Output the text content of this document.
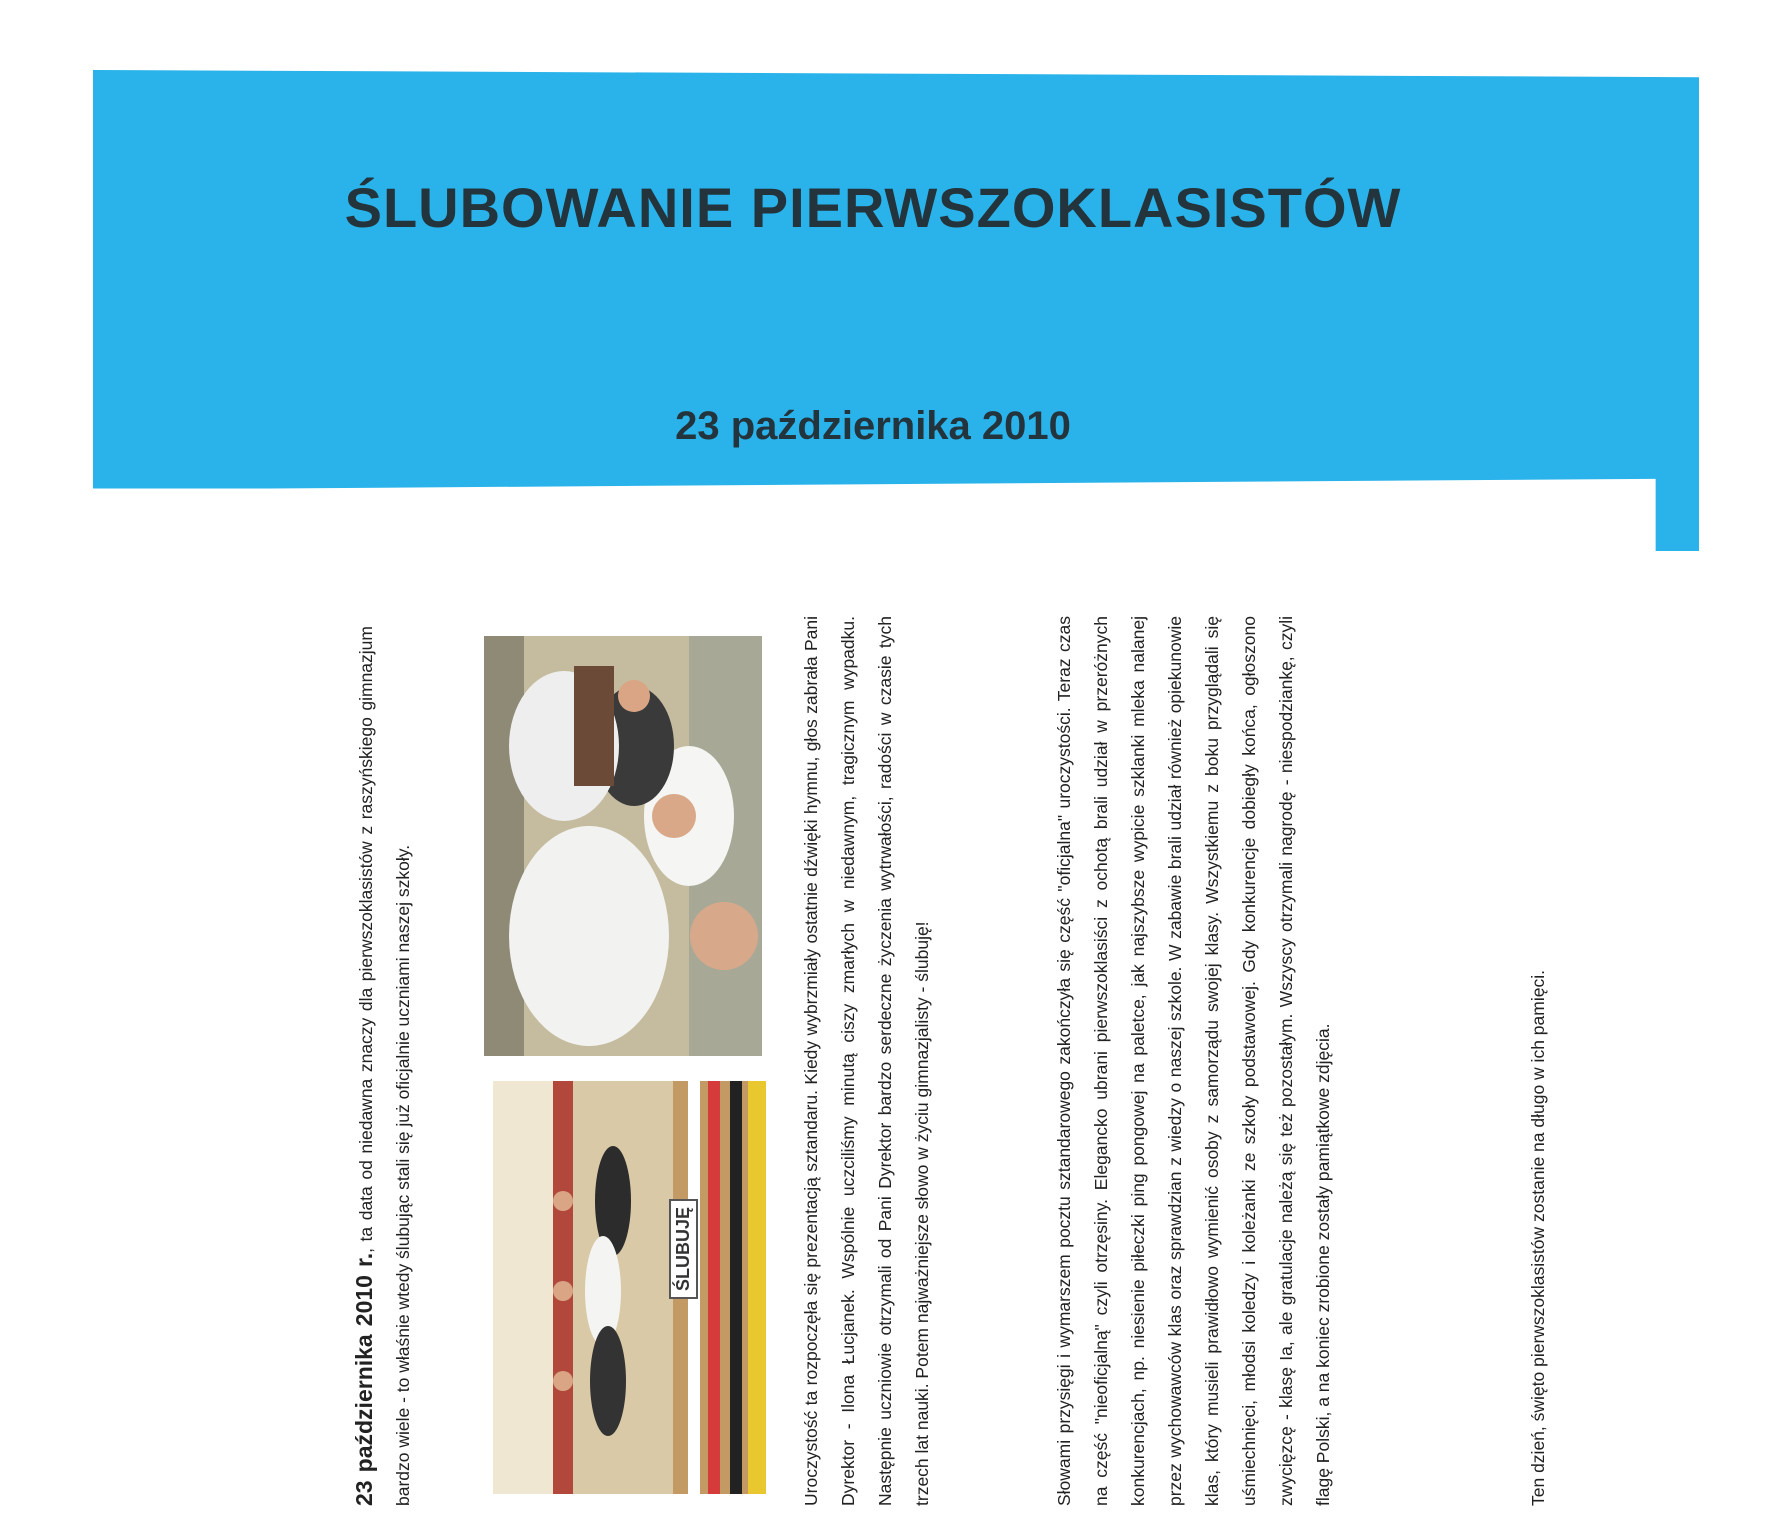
ŚLUBOWANIE PIERWSZOKLASISTÓW
23 października 2010

23 października 2010 r., ta data od niedawna znaczy dla pierwszoklasistów z raszyńskiego gimnazjum bardzo wiele - to właśnie wtedy ślubując stali się już oficjalnie uczniami naszej szkoły.	ŚLUBUJĘ	Uroczystość ta rozpoczęła się prezentacją sztandaru. Kiedy wybrzmiały ostatnie dźwięki hymnu, głos zabrała Pani Dyrektor - Ilona Łucjanek. Wspólnie uczciliśmy minutą ciszy zmarłych w niedawnym, tragicznym wypadku. Następnie uczniowie otrzymali od Pani Dyrektor bardzo serdeczne życzenia wytrwałości, radości w czasie tych trzech lat nauki. Potem najważniejsze słowo w życiu gimnazjalisty - ślubuję!	Słowami przysięgi i wymarszem pocztu sztandarowego zakończyła się część "oficjalna" uroczystości. Teraz czas na część "nieoficjalną" czyli otrzęsiny. Elegancko ubrani pierwszoklasiści z ochotą brali udział w przeróżnych konkurencjach, np. niesienie piłeczki ping pongowej na paletce, jak najszybsze wypicie szklanki mleka nalanej przez wychowawców klas oraz sprawdzian z wiedzy o naszej szkole. W zabawie brali udział również opiekunowie klas, który musieli prawidłowo wymienić osoby z samorządu swojej klasy. Wszystkiemu z boku przyglądali się uśmiechnięci, młodsi koledzy i koleżanki ze szkoły podstawowej. Gdy konkurencje dobiegły końca, ogłoszono zwycięzcę - klasę Ia, ale gratulacje należą się też pozostałym. Wszyscy otrzymali nagrodę - niespodziankę, czyli flagę Polski, a na koniec zrobione zostały pamiątkowe zdjęcia.	Ten dzień, święto pierwszoklasistów zostanie na długo w ich pamięci.
